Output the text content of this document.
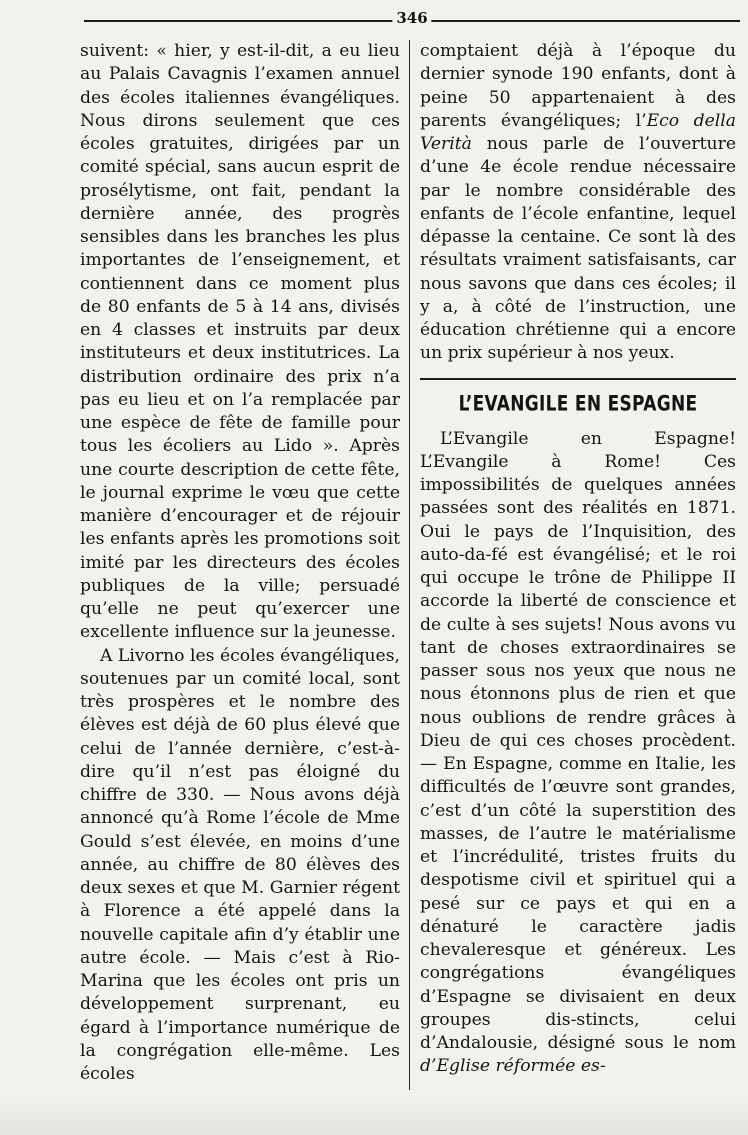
346

suivent: « hier, y est-il-dit, a eu lieu au Palais Cavagnis l’examen annuel des écoles italiennes évangéliques. Nous dirons seulement que ces écoles gratuites, dirigées par un comité spécial, sans aucun esprit de prosélytisme, ont fait, pendant la dernière année, des progrès sensibles dans les branches les plus importantes de l’enseignement, et contiennent dans ce moment plus de 80 enfants de 5 à 14 ans, divisés en 4 classes et instruits par deux instituteurs et deux institutrices. La distribution ordinaire des prix n’a pas eu lieu et on l’a remplacée par une espèce de fête de famille pour tous les écoliers au Lido ». Après une courte description de cette fête, le journal exprime le vœu que cette manière d’encourager et de réjouir les enfants après les promotions soit imité par les directeurs des écoles publiques de la ville; persuadé qu’elle ne peut qu’exercer une excellente influence sur la jeunesse.

A Livorno les écoles évangéliques, soutenues par un comité local, sont très prospères et le nombre des élèves est déjà de 60 plus élevé que celui de l’année dernière, c’est-à-dire qu’il n’est pas éloigné du chiffre de 330. — Nous avons déjà annoncé qu’à Rome l’école de Mme Gould s’est élevée, en moins d’une année, au chiffre de 80 élèves des deux sexes et que M. Garnier régent à Florence a été appelé dans la nouvelle capitale afin d’y établir une autre école. — Mais c’est à Rio-Marina que les écoles ont pris un développement surprenant, eu égard à l’importance numérique de la congrégation elle-même. Les écoles

comptaient déjà à l’époque du dernier synode 190 enfants, dont à peine 50 appartenaient à des parents évangéliques; l’Eco della Verità nous parle de l’ouverture d’une 4e école rendue nécessaire par le nombre considérable des enfants de l’école enfantine, lequel dépasse la centaine. Ce sont là des résultats vraiment satisfaisants, car nous savons que dans ces écoles; il y a, à côté de l’instruction, une éducation chrétienne qui a encore un prix supérieur à nos yeux.

L’EVANGILE EN ESPAGNE

L’Evangile en Espagne! L’Evangile à Rome! Ces impossibilités de quelques années passées sont des réalités en 1871. Oui le pays de l’Inquisition, des auto-da-fé est évangélisé; et le roi qui occupe le trône de Philippe II accorde la liberté de conscience et de culte à ses sujets! Nous avons vu tant de choses extraordinaires se passer sous nos yeux que nous ne nous étonnons plus de rien et que nous oublions de rendre grâces à Dieu de qui ces choses procèdent. — En Espagne, comme en Italie, les difficultés de l’œuvre sont grandes, c’est d’un côté la superstition des masses, de l’autre le matérialisme et l’incrédulité, tristes fruits du despotisme civil et spirituel qui a pesé sur ce pays et qui en a dénaturé le caractère jadis chevaleresque et généreux. Les congrégations évangéliques d’Espagne se divisaient en deux groupes dis-stincts, celui d’Andalousie, désigné sous le nom d’Eglise réformée es-
